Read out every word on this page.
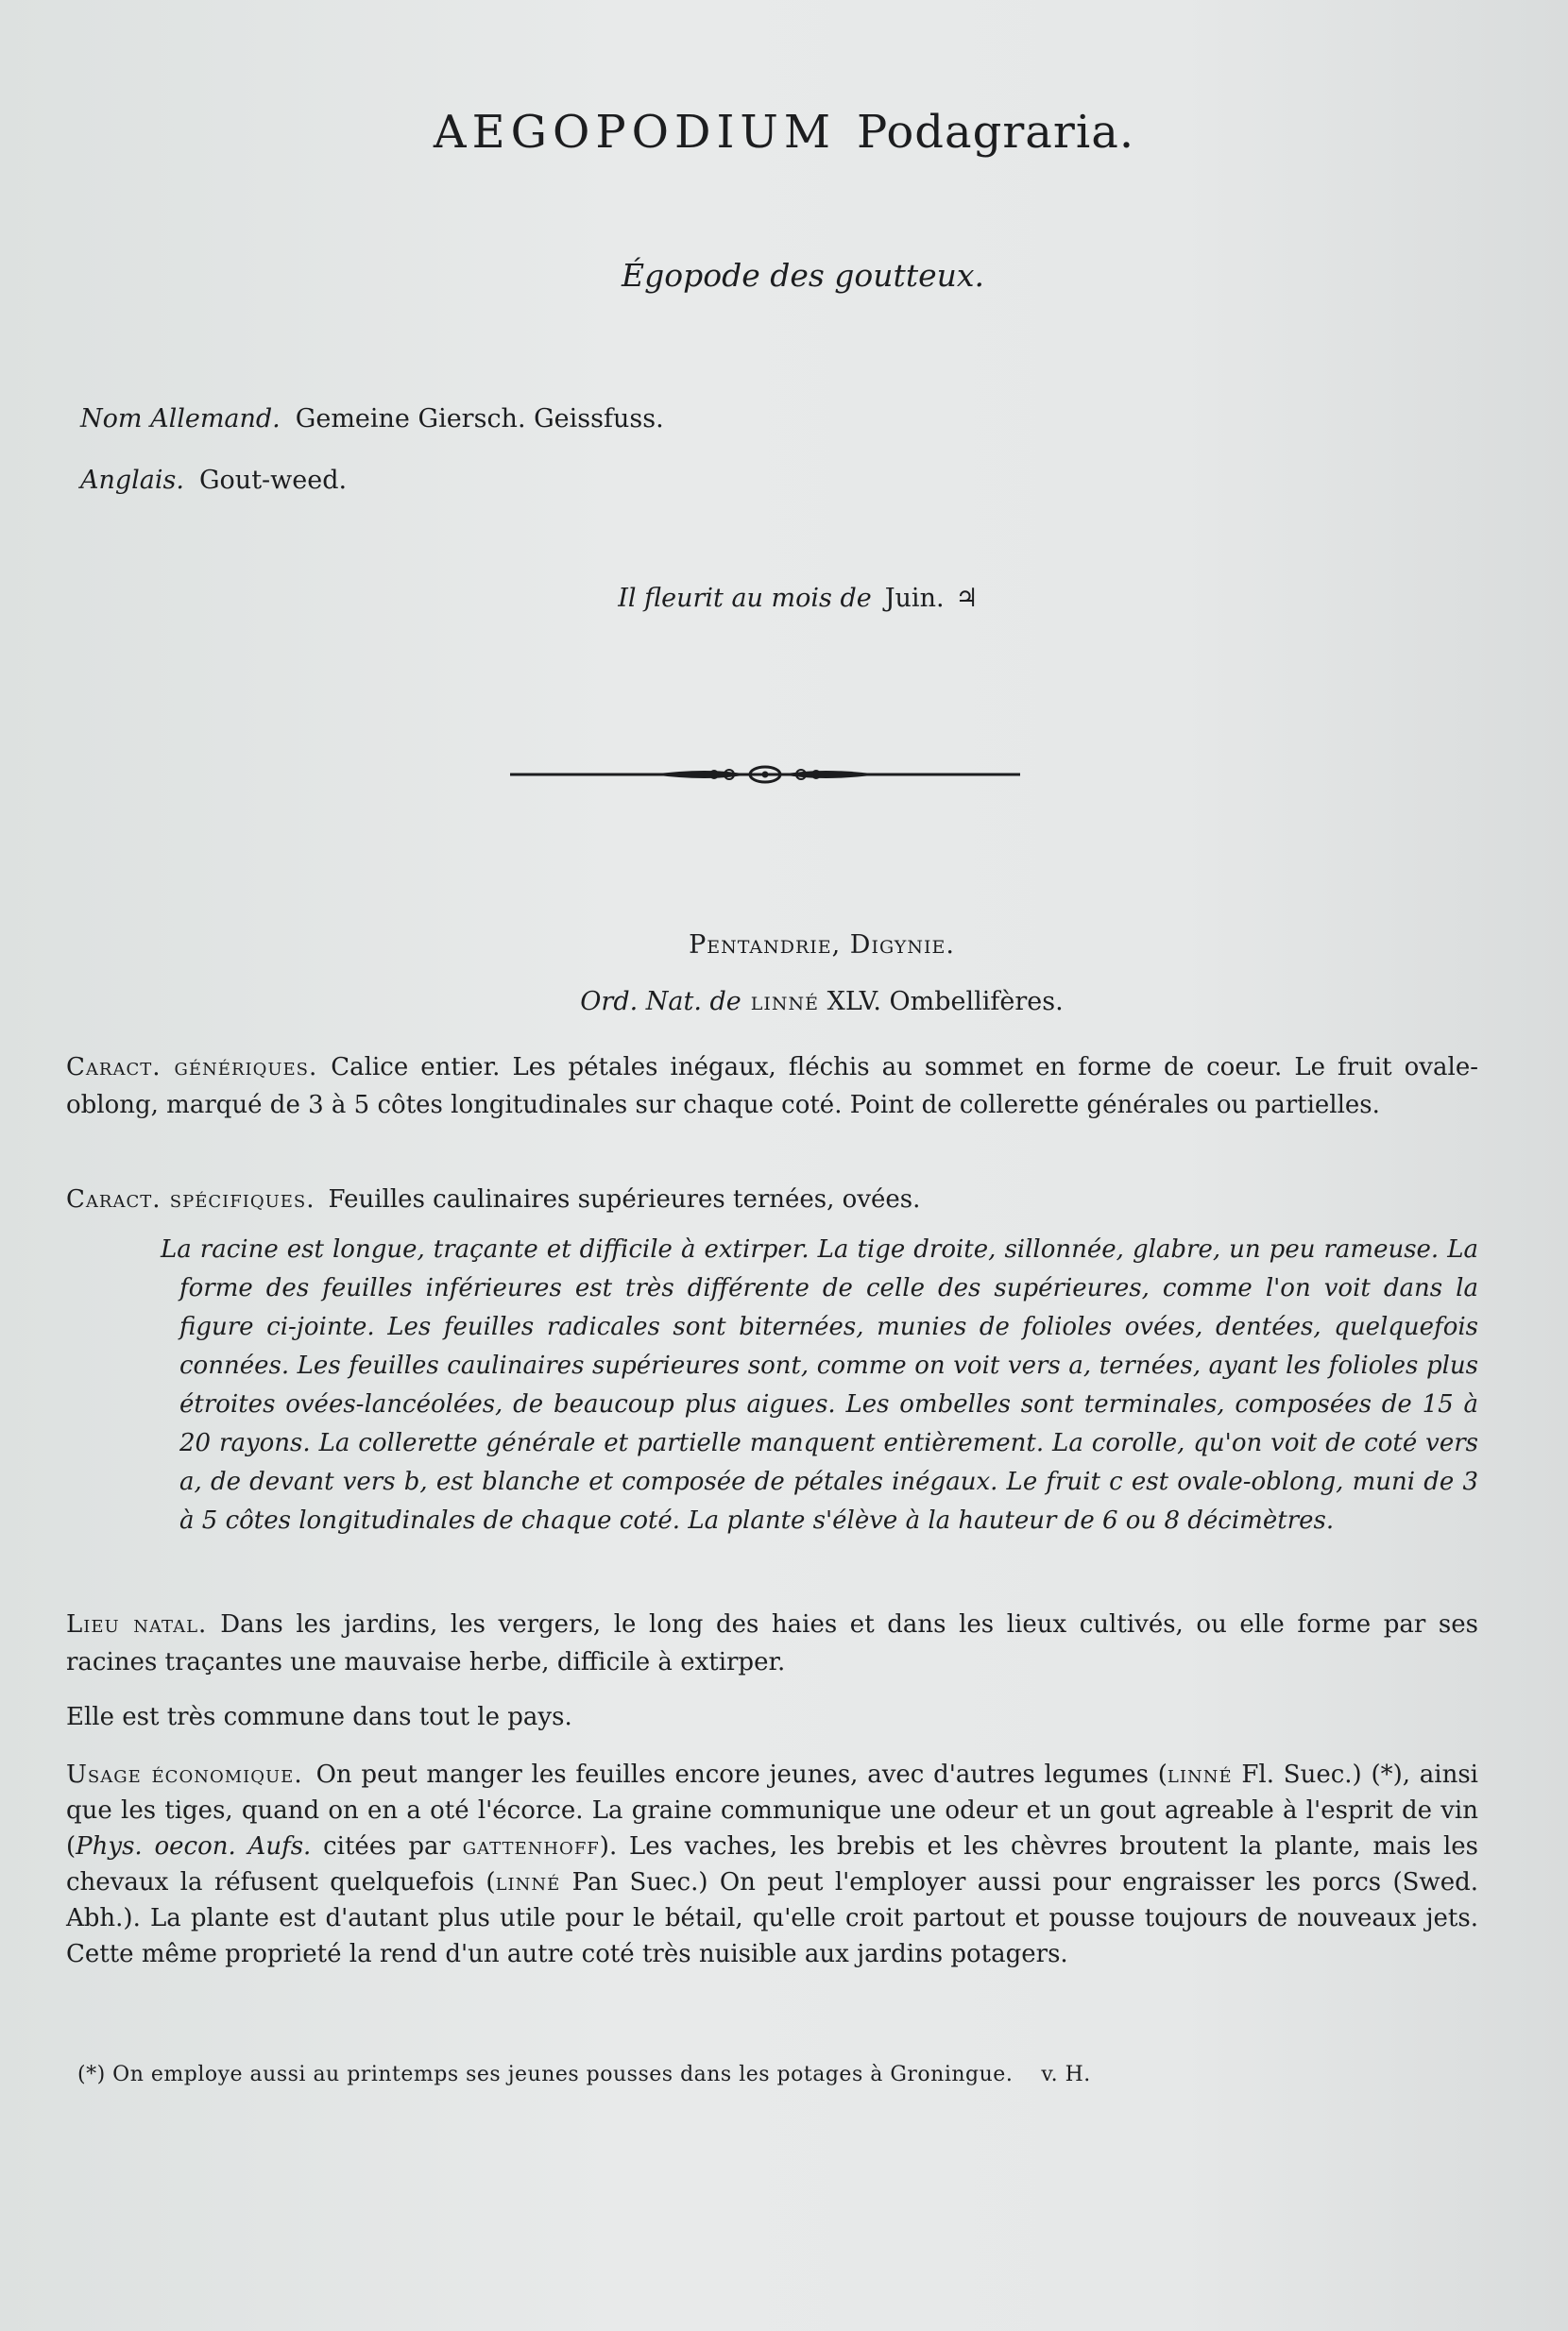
AEGOPODIUM Podagraria.
Égopode des goutteux.
Nom Allemand. Gemeine Giersch. Geissfuss.
Anglais. Gout-weed.
Il fleurit au mois de Juin. ♃
Pentandrie, Digynie.
Ord. Nat. de linné XLV. Ombellifères.
Caract. génériques. Calice entier. Les pétales inégaux, fléchis au sommet en forme de coeur. Le fruit ovale-oblong, marqué de 3 à 5 côtes longitudinales sur chaque coté. Point de collerette générales ou partielles.
Caract. spécifiques. Feuilles caulinaires supérieures ternées, ovées.

La racine est longue, traçante et difficile à extirper. La tige droite, sillonnée, glabre, un peu rameuse. La forme des feuilles inférieures est très différente de celle des supérieures, comme l'on voit dans la figure ci-jointe. Les feuilles radicales sont biternées, munies de folioles ovées, dentées, quelquefois connées. Les feuilles caulinaires supérieures sont, comme on voit vers a, ternées, ayant les folioles plus étroites ovées-lancéolées, de beaucoup plus aigues. Les ombelles sont terminales, composées de 15 à 20 rayons. La collerette générale et partielle manquent entièrement. La corolle, qu'on voit de coté vers a, de devant vers b, est blanche et composée de pétales inégaux. Le fruit c est ovale-oblong, muni de 3 à 5 côtes longitudinales de chaque coté. La plante s'élève à la hauteur de 6 ou 8 décimètres.

Lieu natal. Dans les jardins, les vergers, le long des haies et dans les lieux cultivés, ou elle forme par ses racines traçantes une mauvaise herbe, difficile à extirper.
Elle est très commune dans tout le pays.
Usage économique. On peut manger les feuilles encore jeunes, avec d'autres legumes (linné Fl. Suec.) (*), ainsi que les tiges, quand on en a oté l'écorce. La graine communique une odeur et un gout agreable à l'esprit de vin (Phys. oecon. Aufs. citées par gattenhoff). Les vaches, les brebis et les chèvres broutent la plante, mais les chevaux la réfusent quelquefois (linné Pan Suec.) On peut l'employer aussi pour engraisser les porcs (Swed. Abh.). La plante est d'autant plus utile pour le bétail, qu'elle croit partout et pousse toujours de nouveaux jets. Cette même proprieté la rend d'un autre coté très nuisible aux jardins potagers.
(*) On employe aussi au printemps ses jeunes pousses dans les potages à Groningue. v. H.
